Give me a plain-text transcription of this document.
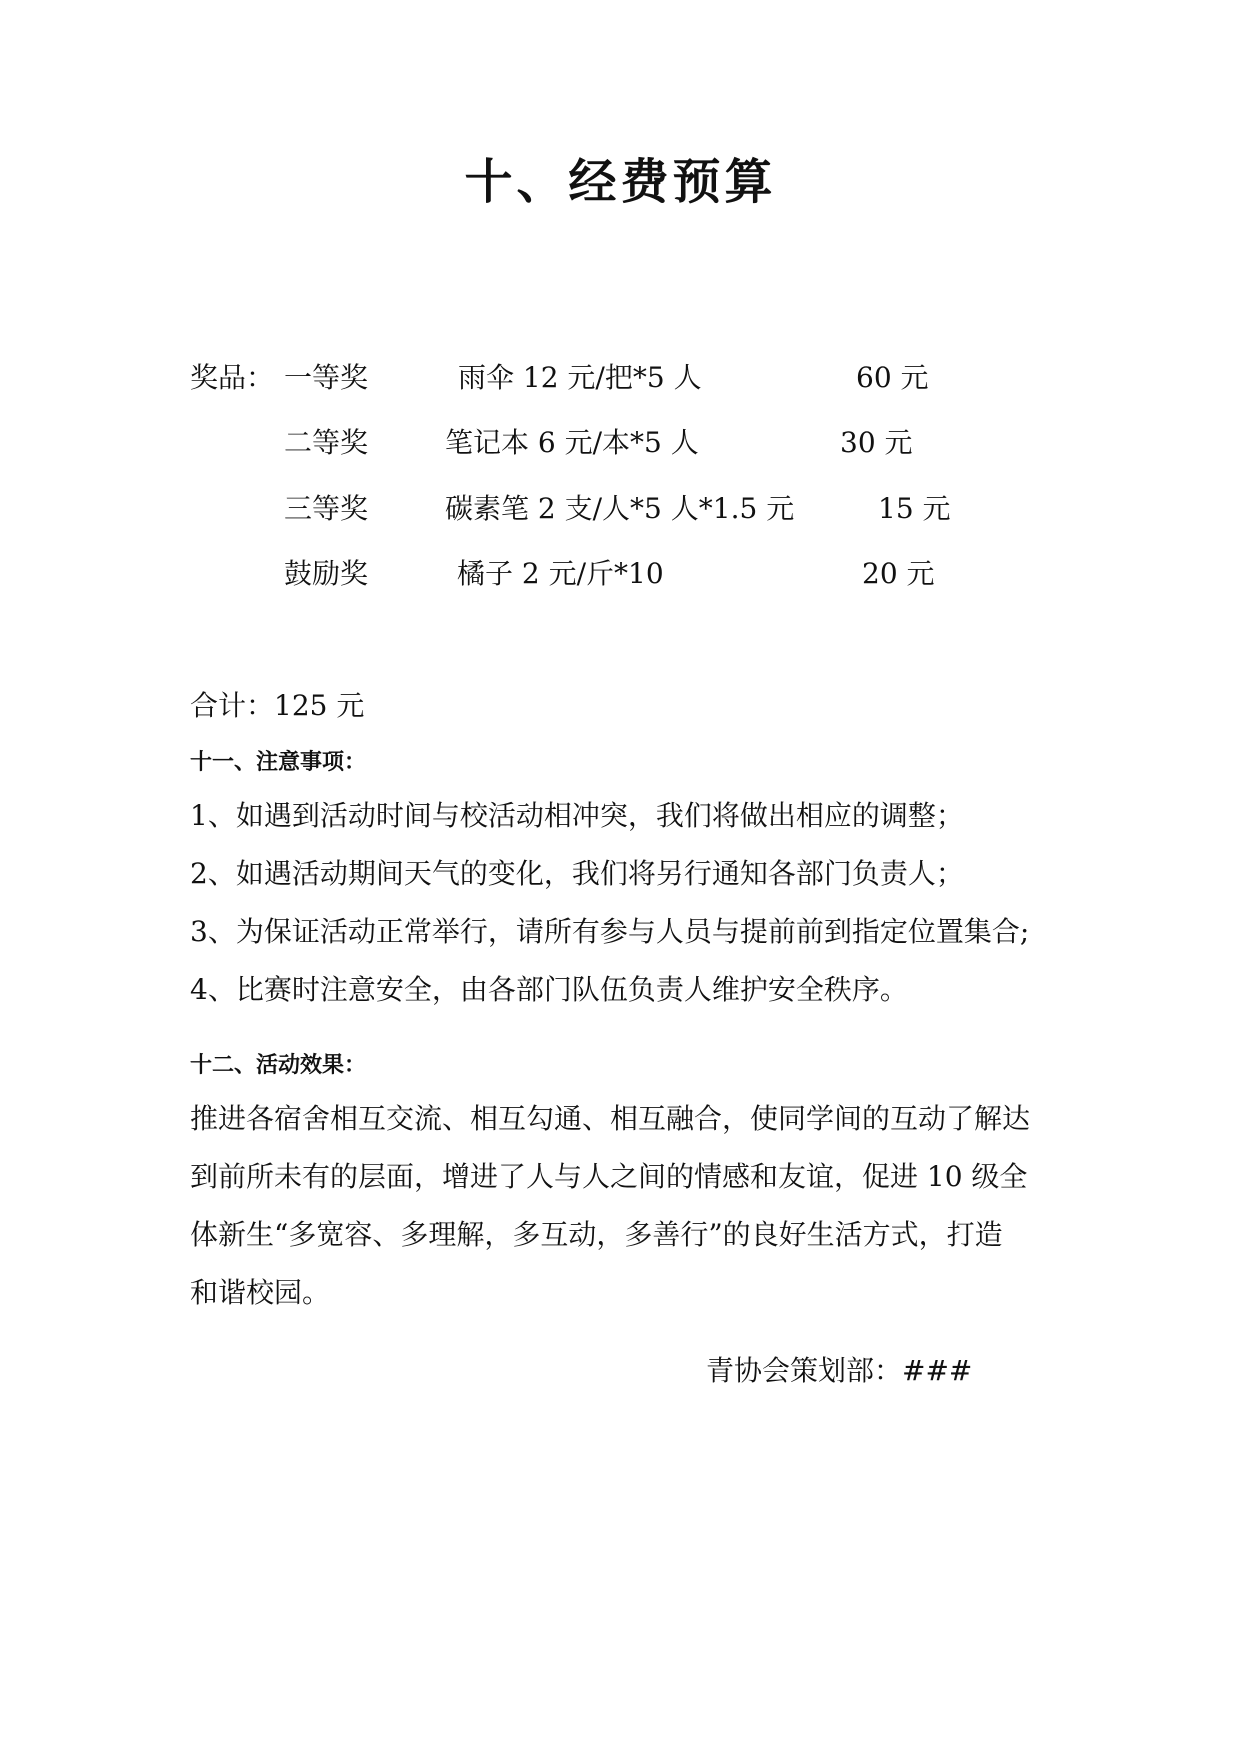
十、经费预算
奖品： 一等奖	雨伞 12 元/把*5 人	60 元
二等奖	笔记本 6 元/本*5 人	30 元
三等奖	碳素笔 2 支/人*5 人*1.5 元	15 元
鼓励奖	橘子 2 元/斤*10	20 元
合计：125 元
十一、注意事项：

1、如遇到活动时间与校活动相冲突，我们将做出相应的调整；

2、如遇活动期间天气的变化，我们将另行通知各部门负责人；

3、为保证活动正常举行，请所有参与人员与提前前到指定位置集合;

4、比赛时注意安全，由各部门队伍负责人维护安全秩序。

十二、活动效果：

推进各宿舍相互交流、相互勾通、相互融合，使同学间的互动了解达

到前所未有的层面，增进了人与人之间的情感和友谊，促进 10 级全

体新生“多宽容、多理解，多互动，多善行”的良好生活方式，打造

和谐校园。

青协会策划部：###
